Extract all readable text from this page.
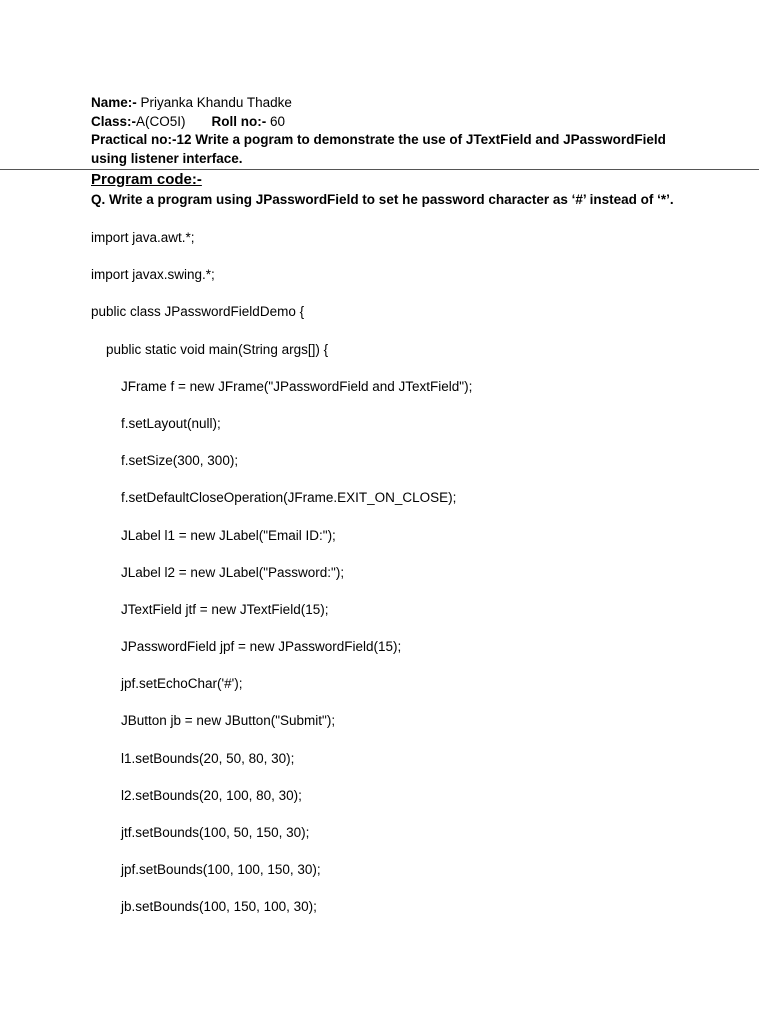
Name:- Priyanka Khandu Thadke
Class:-A(CO5I) Roll no:- 60
Practical no:-12 Write a pogram to demonstrate the use of JTextField and JPasswordField using listener interface.
Program code:-
Q. Write a program using JPasswordField to set he password character as ‘#’ instead of ‘*’.
import java.awt.*;
import javax.swing.*;
public class JPasswordFieldDemo {
public static void main(String args[]) {
JFrame f = new JFrame("JPasswordField and JTextField");
f.setLayout(null);
f.setSize(300, 300);
f.setDefaultCloseOperation(JFrame.EXIT_ON_CLOSE);
JLabel l1 = new JLabel("Email ID:");
JLabel l2 = new JLabel("Password:");
JTextField jtf = new JTextField(15);
JPasswordField jpf = new JPasswordField(15);
jpf.setEchoChar('#');
JButton jb = new JButton("Submit");
l1.setBounds(20, 50, 80, 30);
l2.setBounds(20, 100, 80, 30);
jtf.setBounds(100, 50, 150, 30);
jpf.setBounds(100, 100, 150, 30);
jb.setBounds(100, 150, 100, 30);
